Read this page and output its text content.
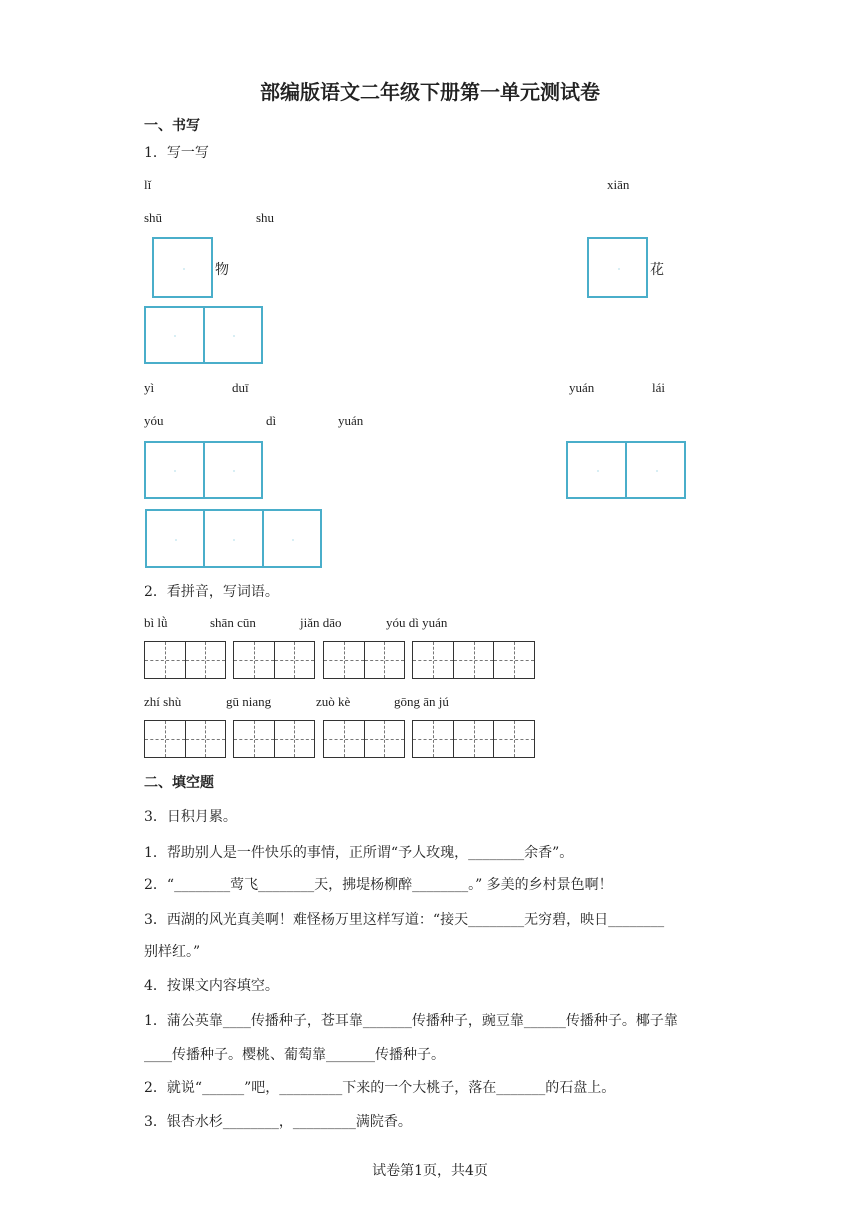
部编版语文二年级下册第一单元测试卷
一、书写
1．写一写
lǐ	xiān
shū	shu
物	花
yì	duī	yuán	lái
yóu	dì	yuán
2．看拼音，写词语。
bì lǜ	shān cūn	jiǎn dāo	yóu dì yuán
zhí shù	gū niang	zuò kè	gōng ān jú
二、填空题
3．日积月累。
1．帮助别人是一件快乐的事情，正所谓“予人玫瑰，________余香”。
2．“________莺飞________天，拂堤杨柳醉________。” 多美的乡村景色啊！
3．西湖的风光真美啊！难怪杨万里这样写道：“接天________无穷碧，映日________
别样红。”
4．按课文内容填空。
1．蒲公英靠____传播种子，苍耳靠_______传播种子，豌豆靠______传播种子。椰子靠
____传播种子。樱桃、葡萄靠_______传播种子。
2．就说“______”吧，_________下来的一个大桃子，落在_______的石盘上。
3．银杏水杉________，_________满院香。
试卷第1页，共4页
